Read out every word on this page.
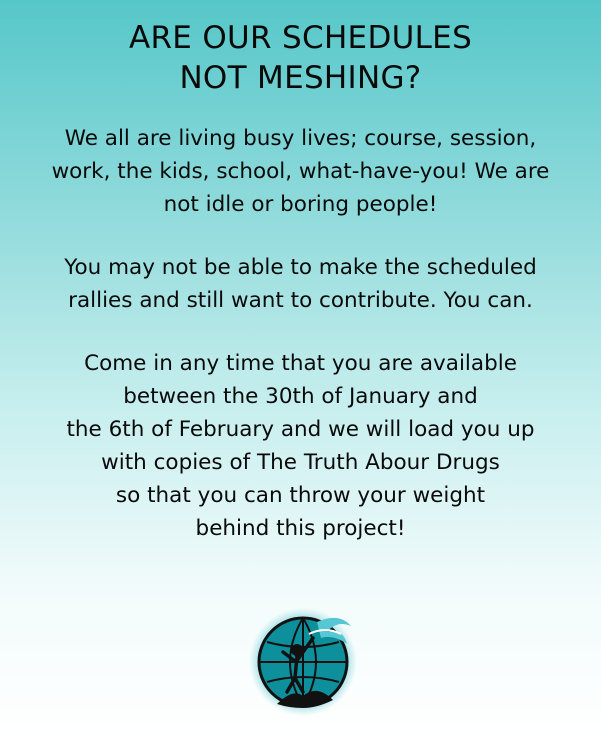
ARE OUR SCHEDULES
NOT MESHING?

We all are living busy lives; course, session,
work, the kids, school, what-have-you! We are
not idle or boring people!

You may not be able to make the scheduled
rallies and still want to contribute. You can.

Come in any time that you are available
between the 30th of January and
the 6th of February and we will load you up
with copies of The Truth Abour Drugs
so that you can throw your weight
behind this project!
